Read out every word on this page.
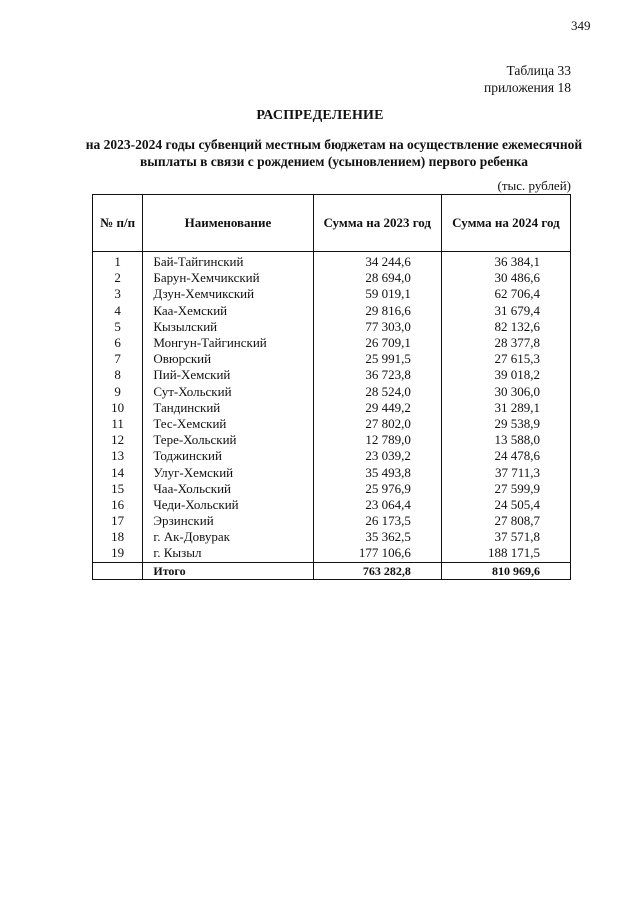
349
Таблица 33
приложения 18
РАСПРЕДЕЛЕНИЕ
на 2023-2024 годы субвенций местным бюджетам на осуществление ежемесячной
выплаты в связи с рождением (усыновлением) первого ребенка
(тыс. рублей)
№ п/п	Наименование	Сумма на 2023 год	Сумма на 2024 год
1	Бай-Тайгинский	34 244,6	36 384,1
2	Барун-Хемчикский	28 694,0	30 486,6
3	Дзун-Хемчикский	59 019,1	62 706,4
4	Каа-Хемский	29 816,6	31 679,4
5	Кызылский	77 303,0	82 132,6
6	Монгун-Тайгинский	26 709,1	28 377,8
7	Овюрский	25 991,5	27 615,3
8	Пий-Хемский	36 723,8	39 018,2
9	Сут-Хольский	28 524,0	30 306,0
10	Тандинский	29 449,2	31 289,1
11	Тес-Хемский	27 802,0	29 538,9
12	Тере-Хольский	12 789,0	13 588,0
13	Тоджинский	23 039,2	24 478,6
14	Улуг-Хемский	35 493,8	37 711,3
15	Чаа-Хольский	25 976,9	27 599,9
16	Чеди-Хольский	23 064,4	24 505,4
17	Эрзинский	26 173,5	27 808,7
18	г. Ак-Довурак	35 362,5	37 571,8
19	г. Кызыл	177 106,6	188 171,5
	Итого	763 282,8	810 969,6
